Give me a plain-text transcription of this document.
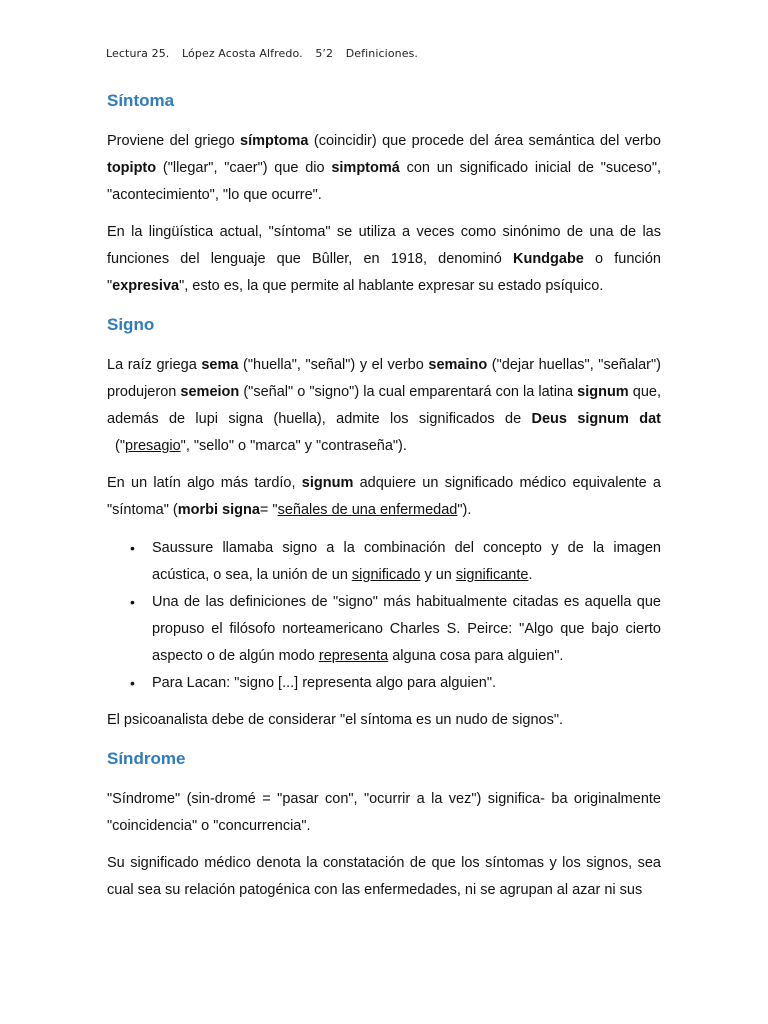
Lectura 25. López Acosta Alfredo. 5’2 Definiciones.
Síntoma

Proviene del griego símptoma (coincidir) que procede del área semántica del verbo topipto ("llegar", "caer") que dio simptomá con un significado inicial de "suceso", "acontecimiento", "lo que ocurre".

En la lingüística actual, "síntoma" se utiliza a veces como sinónimo de una de las funciones del lenguaje que Bûller, en 1918, denominó Kundgabe o función "expresiva", esto es, la que permite al hablante expresar su estado psíquico.

Signo

La raíz griega sema ("huella", "señal") y el verbo semaino ("dejar huellas", "señalar") produjeron semeion ("señal" o "signo") la cual emparentará con la latina signum que, además de lupi signa (huella), admite los significados de Deus signum dat  ("presagio", "sello" o "marca" y "contraseña").

En un latín algo más tardío, signum adquiere un significado médico equivalente a "síntoma" (morbi signa= "señales de una enfermedad").

• Saussure llamaba signo a la combinación del concepto y de la imagen acústica, o sea, la unión de un significado y un significante.
• Una de las definiciones de "signo" más habitualmente citadas es aquella que propuso el filósofo norteamericano Charles S. Peirce: "Algo que bajo cierto aspecto o de algún modo representa alguna cosa para alguien".
• Para Lacan: "signo [...] representa algo para alguien".

El psicoanalista debe de considerar "el síntoma es un nudo de signos".

Síndrome

"Síndrome" (sin-dromé = "pasar con", "ocurrir a la vez") significa- ba originalmente "coincidencia" o "concurrencia".

Su significado médico denota la constatación de que los síntomas y los signos, sea cual sea su relación patogénica con las enfermedades, ni se agrupan al azar ni sus
